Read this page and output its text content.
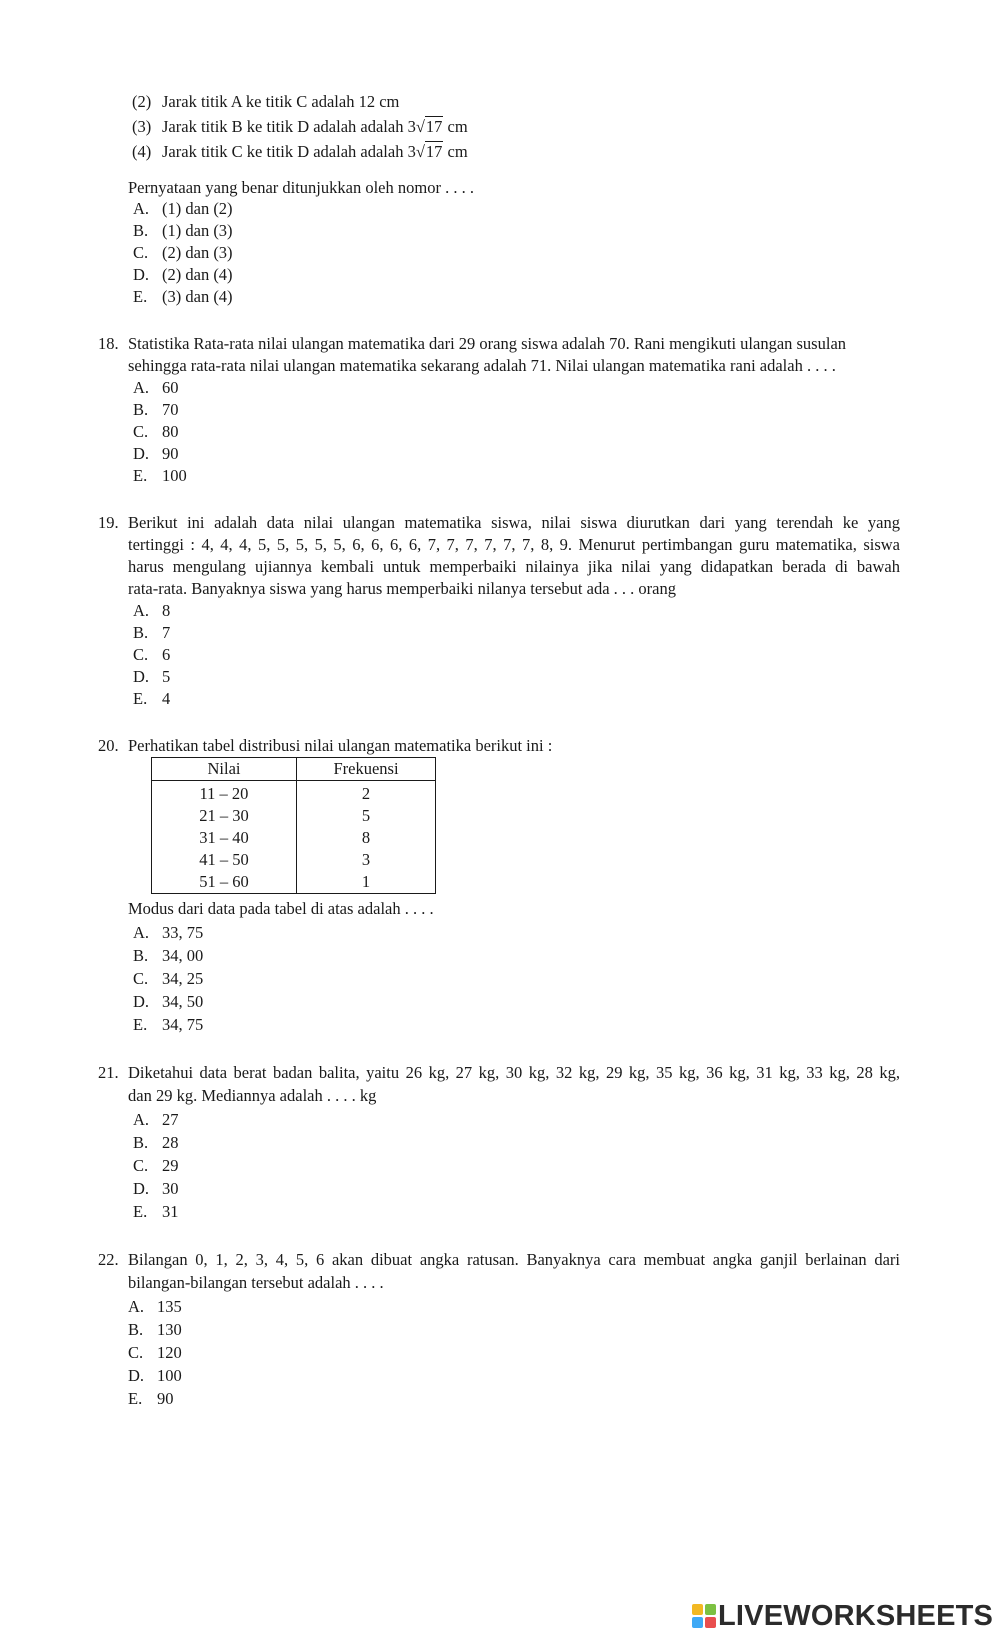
(2) Jarak titik A ke titik C adalah 12 cm
(3) Jarak titik B ke titik D adalah adalah 3√17 cm
(4) Jarak titik C ke titik D adalah adalah 3√17 cm
Pernyataan yang benar ditunjukkan oleh nomor . . . .
A. (1) dan (2)
B. (1) dan (3)
C. (2) dan (3)
D. (2) dan (4)
E. (3) dan (4)
18. Statistika Rata-rata nilai ulangan matematika dari 29 orang siswa adalah 70. Rani mengikuti ulangan susulan
sehingga rata-rata nilai ulangan matematika sekarang adalah 71. Nilai ulangan matematika rani adalah . . . .
A. 60
B. 70
C. 80
D. 90
E. 100
19. Berikut ini adalah data nilai ulangan matematika siswa, nilai siswa diurutkan dari yang terendah ke yang
tertinggi : 4, 4, 4, 5, 5, 5, 5, 5, 6, 6, 6, 6, 7, 7, 7, 7, 7, 7, 8, 9. Menurut pertimbangan guru matematika, siswa
harus mengulang ujiannya kembali untuk memperbaiki nilainya jika nilai yang didapatkan berada di bawah
rata-rata. Banyaknya siswa yang harus memperbaiki nilanya tersebut ada . . . orang
A. 8
B. 7
C. 6
D. 5
E. 4
20. Perhatikan tabel distribusi nilai ulangan matematika berikut ini :
Nilai	Frekuensi
11 – 20	2
21 – 30	5
31 – 40	8
41 – 50	3
51 – 60	1
Modus dari data pada tabel di atas adalah . . . .
A. 33, 75
B. 34, 00
C. 34, 25
D. 34, 50
E. 34, 75
21. Diketahui data berat badan balita, yaitu 26 kg, 27 kg, 30 kg, 32 kg, 29 kg, 35 kg, 36 kg, 31 kg, 33 kg, 28 kg,
dan 29 kg. Mediannya adalah . . . . kg
A. 27
B. 28
C. 29
D. 30
E. 31
22. Bilangan 0, 1, 2, 3, 4, 5, 6 akan dibuat angka ratusan. Banyaknya cara membuat angka ganjil berlainan dari
bilangan-bilangan tersebut adalah . . . .
A. 135
B. 130
C. 120
D. 100
E. 90
LIVEWORKSHEETS
